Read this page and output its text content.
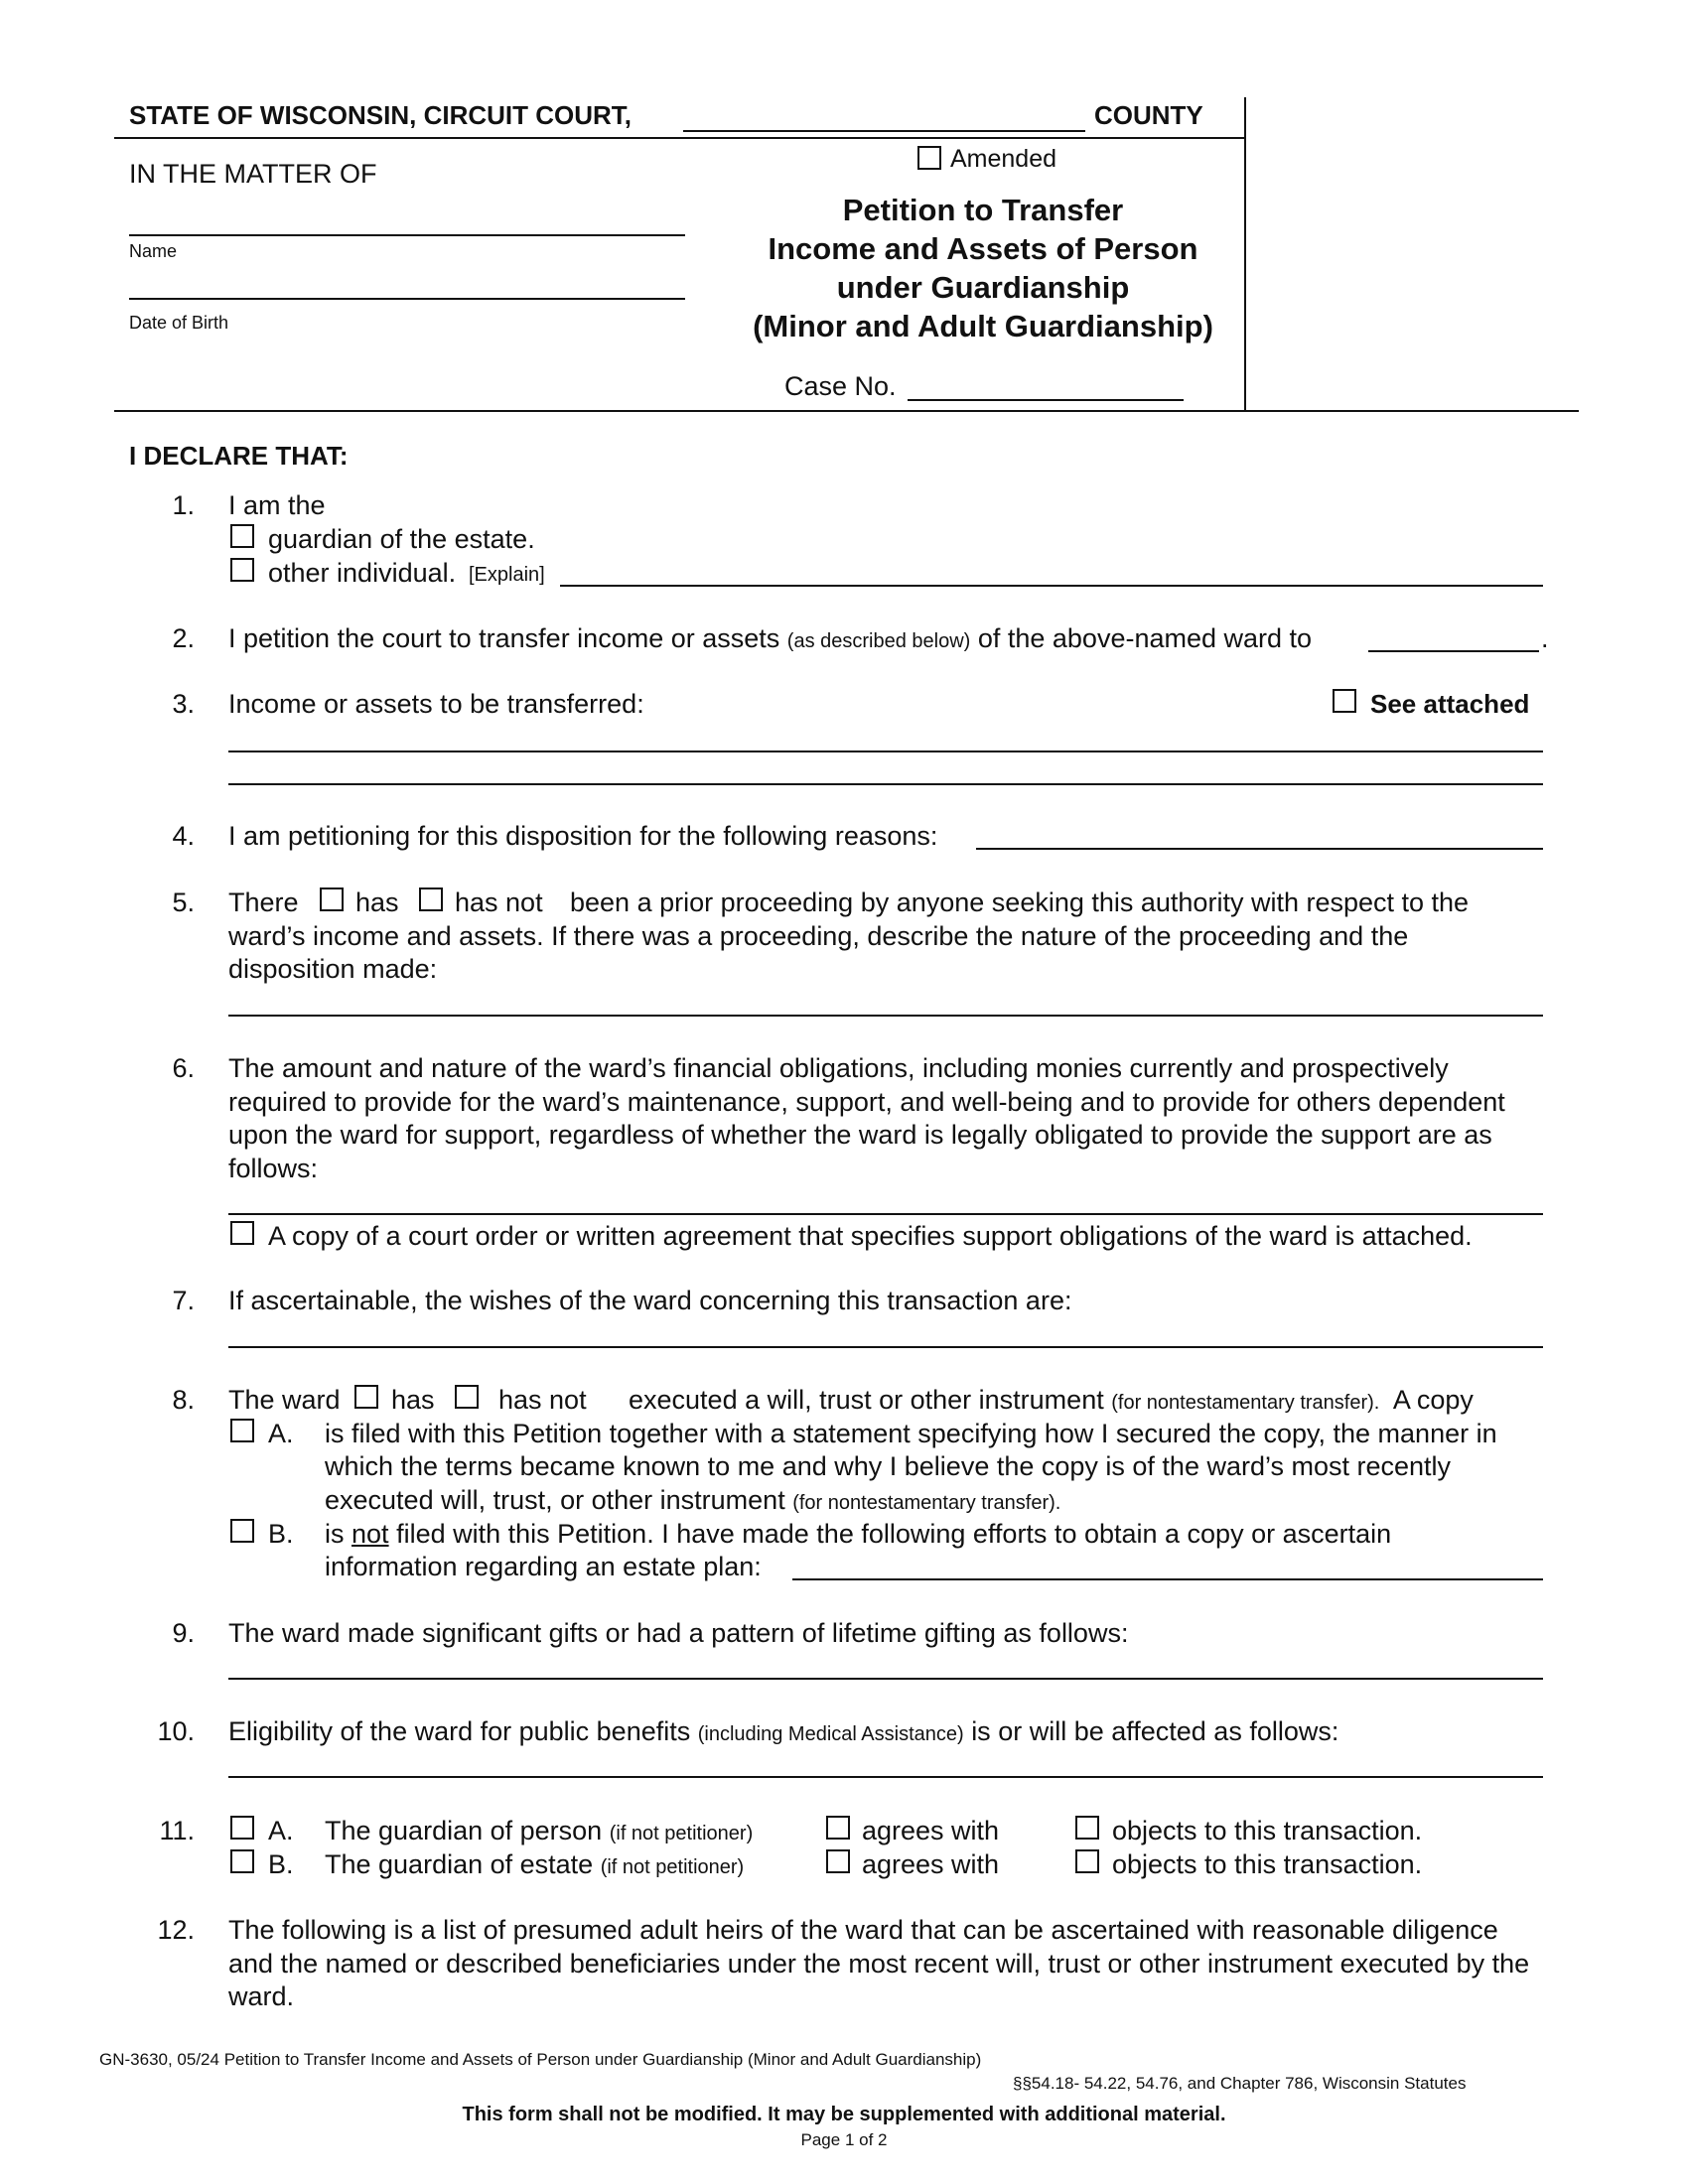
STATE OF WISCONSIN, CIRCUIT COURT,	COUNTY
IN THE MATTER OF
Name
Date of Birth
Amended
Petition to Transfer
Income and Assets of Person
under Guardianship
(Minor and Adult Guardianship)
Case No.
I DECLARE THAT:
1. I am the
guardian of the estate.
other individual. [Explain]
2. I petition the court to transfer income or assets (as described below) of the above-named ward to	.
3. Income or assets to be transferred:	See attached
4. I am petitioning for this disposition for the following reasons:
5. There has has not been a prior proceeding by anyone seeking this authority with respect to the
ward’s income and assets. If there was a proceeding, describe the nature of the proceeding and the
disposition made:
6. The amount and nature of the ward’s financial obligations, including monies currently and prospectively
required to provide for the ward’s maintenance, support, and well-being and to provide for others dependent
upon the ward for support, regardless of whether the ward is legally obligated to provide the support are as
follows:
A copy of a court order or written agreement that specifies support obligations of the ward is attached.
7. If ascertainable, the wishes of the ward concerning this transaction are:
8. The ward has has not executed a will, trust or other instrument (for nontestamentary transfer). A copy
A. is filed with this Petition together with a statement specifying how I secured the copy, the manner in
which the terms became known to me and why I believe the copy is of the ward’s most recently
executed will, trust, or other instrument (for nontestamentary transfer).
B. is not filed with this Petition. I have made the following efforts to obtain a copy or ascertain
information regarding an estate plan:
9. The ward made significant gifts or had a pattern of lifetime gifting as follows:
10. Eligibility of the ward for public benefits (including Medical Assistance) is or will be affected as follows:
11.	A. The guardian of person (if not petitioner)	agrees with	objects to this transaction.
B. The guardian of estate (if not petitioner)	agrees with	objects to this transaction.
12. The following is a list of presumed adult heirs of the ward that can be ascertained with reasonable diligence
and the named or described beneficiaries under the most recent will, trust or other instrument executed by the
ward.
GN-3630, 05/24 Petition to Transfer Income and Assets of Person under Guardianship (Minor and Adult Guardianship)
§§54.18- 54.22, 54.76, and Chapter 786, Wisconsin Statutes
This form shall not be modified. It may be supplemented with additional material.
Page 1 of 2
